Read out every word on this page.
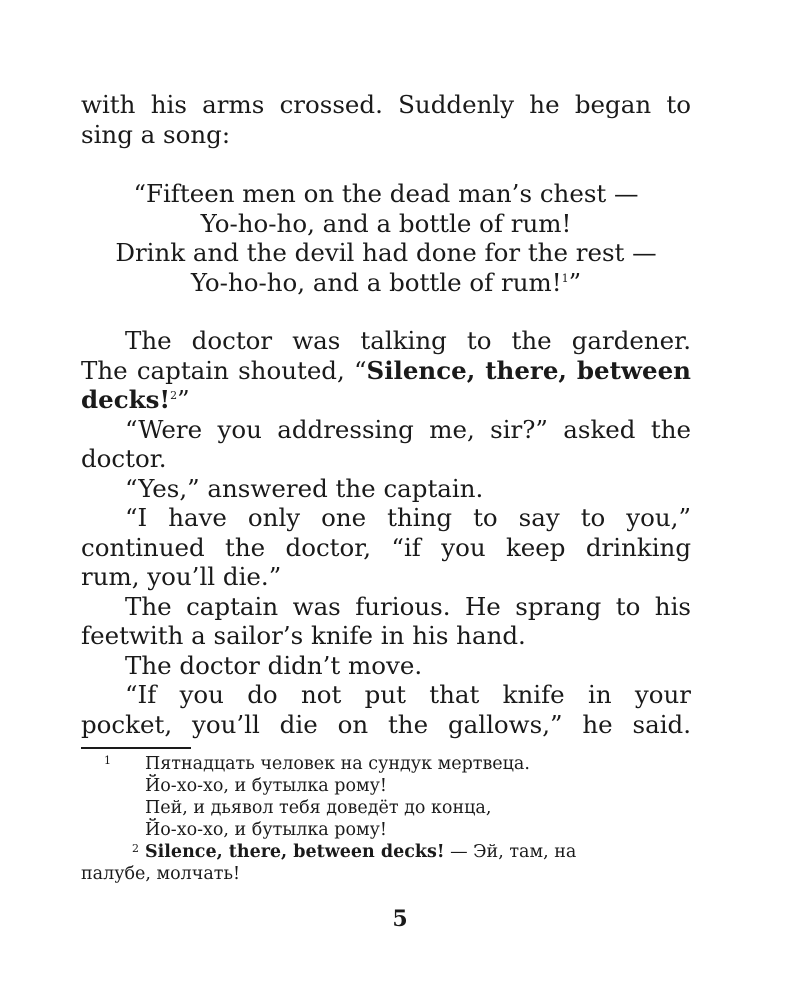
with his arms crossed. Suddenly he began to
sing a song:
“Fifteen men on the dead man’s chest —
Yo-ho-ho, and a bottle of rum!
Drink and the devil had done for the rest —
Yo-ho-ho, and a bottle of rum!$^1$”
The doctor was talking to the gardener.
The captain shouted, “Silence, there, between
decks!$^2$”
“Were you addressing me, sir?” asked the
doctor.
“Yes,” answered the captain.
“I have only one thing to say to you,”
continued the doctor, “if you keep drinking
rum, you’ll die.”
The captain was furious. He sprang to his
feetwith a sailor’s knife in his hand.
The doctor didn’t move.
“If you do not put that knife in your
pocket, you’ll die on the gallows,” he said.
1 Пятнадцать человек на сундук мертвеца.
Йо-хо-хо, и бутылка рому!
Пей, и дьявол тебя доведёт до конца,
Йо-хо-хо, и бутылка рому!
2 Silence, there, between decks! — Эй, там, на
палубе, молчать!
5
